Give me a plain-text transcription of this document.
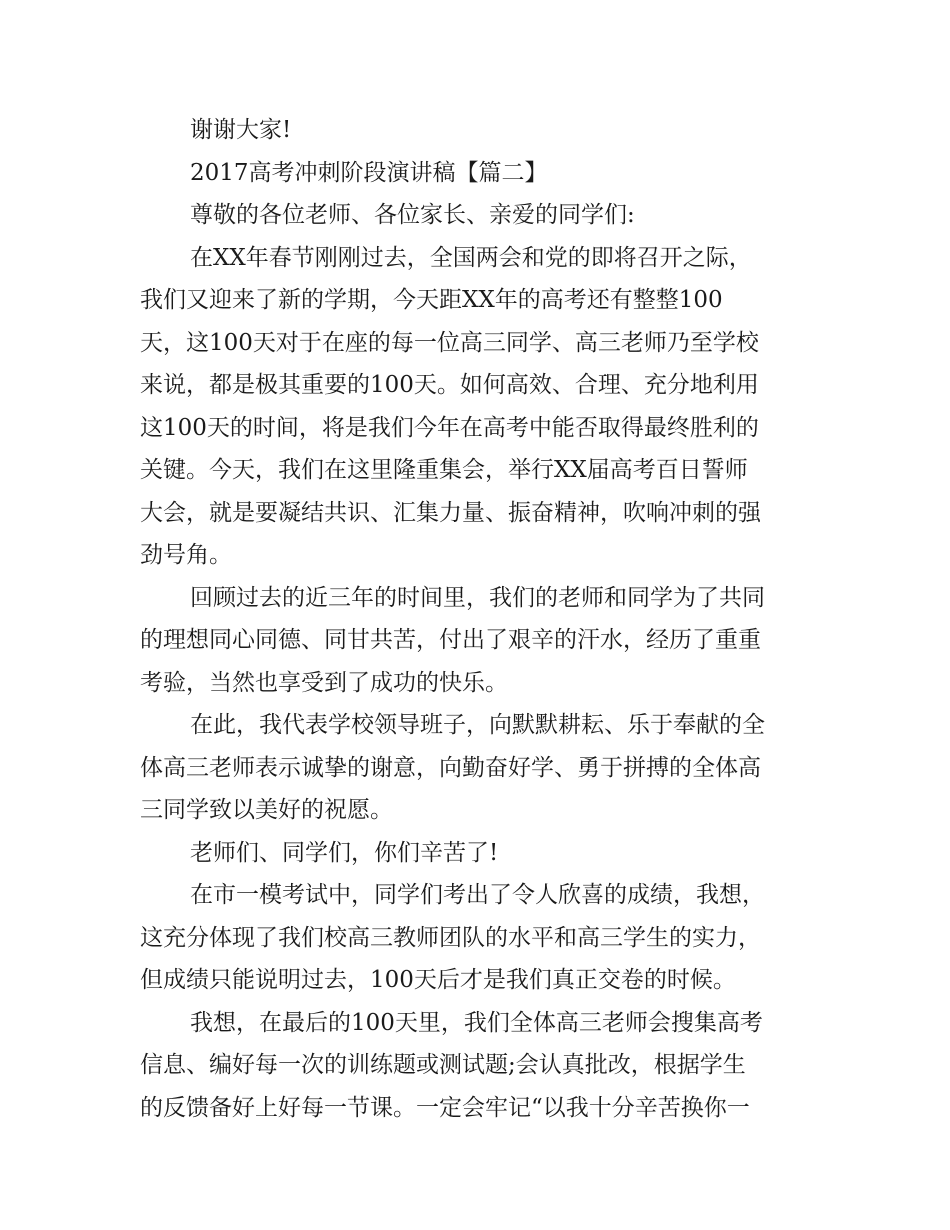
谢谢大家!
2017高考冲刺阶段演讲稿【篇二】
尊敬的各位老师、各位家长、亲爱的同学们:
在XX年春节刚刚过去，全国两会和党的即将召开之际，
我们又迎来了新的学期，今天距XX年的高考还有整整100
天，这100天对于在座的每一位高三同学、高三老师乃至学校
来说，都是极其重要的100天。如何高效、合理、充分地利用
这100天的时间，将是我们今年在高考中能否取得最终胜利的
关键。今天，我们在这里隆重集会，举行XX届高考百日誓师
大会，就是要凝结共识、汇集力量、振奋精神，吹响冲刺的强
劲号角。
回顾过去的近三年的时间里，我们的老师和同学为了共同
的理想同心同德、同甘共苦，付出了艰辛的汗水，经历了重重
考验，当然也享受到了成功的快乐。
在此，我代表学校领导班子，向默默耕耘、乐于奉献的全
体高三老师表示诚挚的谢意，向勤奋好学、勇于拼搏的全体高
三同学致以美好的祝愿。
老师们、同学们，你们辛苦了!
在市一模考试中，同学们考出了令人欣喜的成绩，我想，
这充分体现了我们校高三教师团队的水平和高三学生的实力，
但成绩只能说明过去，100天后才是我们真正交卷的时候。
我想，在最后的100天里，我们全体高三老师会搜集高考
信息、编好每一次的训练题或测试题;会认真批改，根据学生
的反馈备好上好每一节课。一定会牢记“以我十分辛苦换你一
